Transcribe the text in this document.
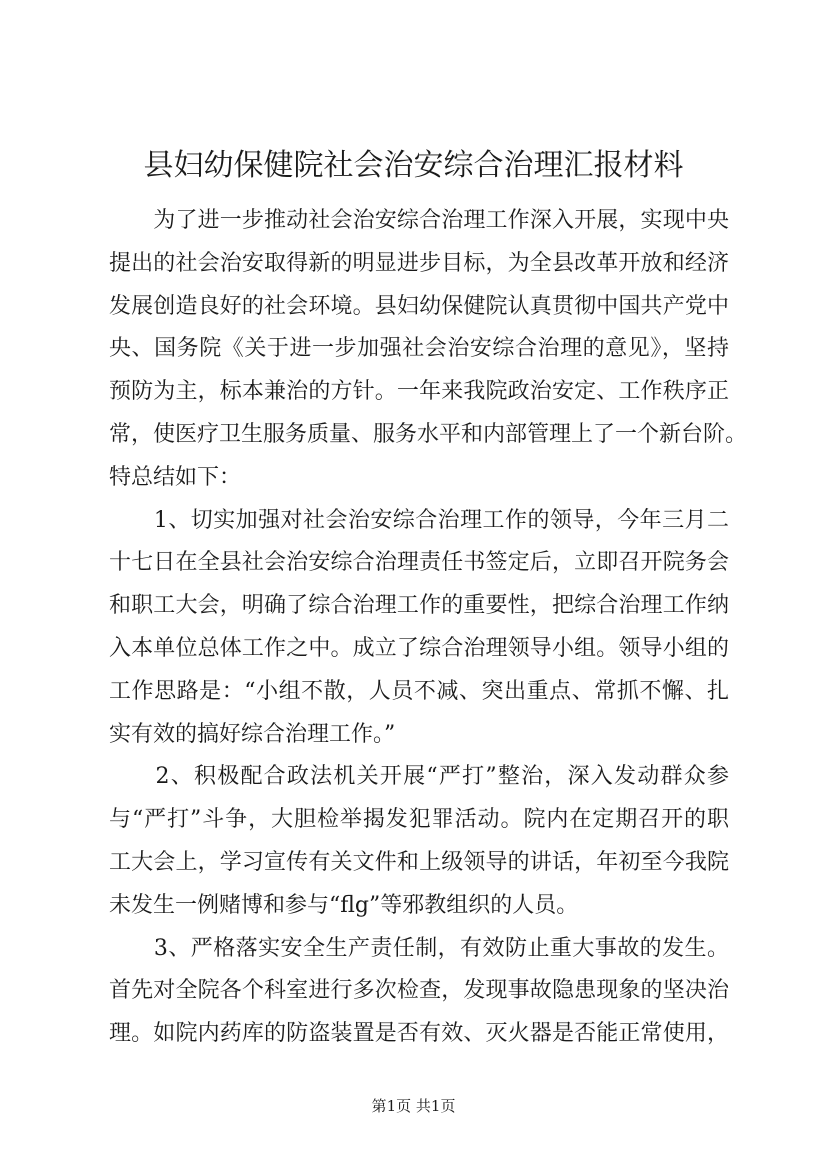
县妇幼保健院社会治安综合治理汇报材料
　　为了进一步推动社会治安综合治理工作深入开展，实现中央
提出的社会治安取得新的明显进步目标，为全县改革开放和经济
发展创造良好的社会环境。县妇幼保健院认真贯彻中国共产党中
央、国务院《关于进一步加强社会治安综合治理的意见》，坚持
预防为主，标本兼治的方针。一年来我院政治安定、工作秩序正
常，使医疗卫生服务质量、服务水平和内部管理上了一个新台阶。
特总结如下：
　　1、切实加强对社会治安综合治理工作的领导，今年三月二
十七日在全县社会治安综合治理责任书签定后，立即召开院务会
和职工大会，明确了综合治理工作的重要性，把综合治理工作纳
入本单位总体工作之中。成立了综合治理领导小组。领导小组的
工作思路是：“小组不散，人员不减、突出重点、常抓不懈、扎
实有效的搞好综合治理工作。”
　　2、积极配合政法机关开展“严打”整治，深入发动群众参
与“严打”斗争，大胆检举揭发犯罪活动。院内在定期召开的职
工大会上，学习宣传有关文件和上级领导的讲话，年初至今我院
未发生一例赌博和参与“flg”等邪教组织的人员。
　　3、严格落实安全生产责任制，有效防止重大事故的发生。
首先对全院各个科室进行多次检查，发现事故隐患现象的坚决治
理。如院内药库的防盗装置是否有效、灭火器是否能正常使用，
第1页 共1页
